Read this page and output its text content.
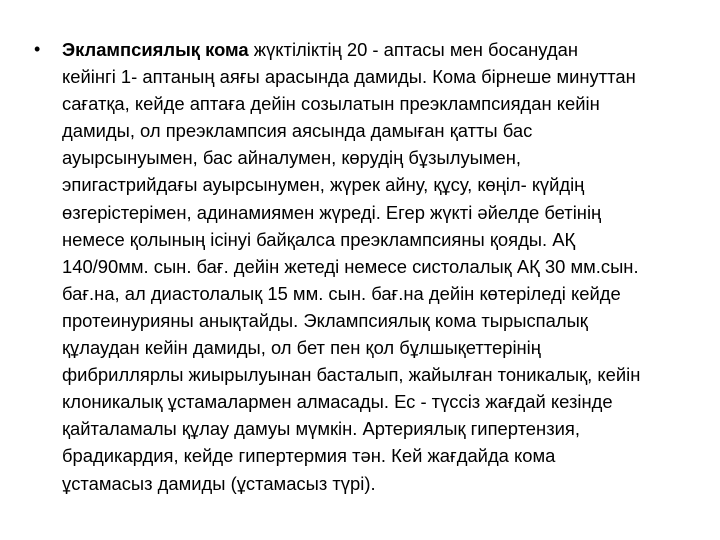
• Эклампсиялық кома жүктіліктің 20 - аптасы мен босанудан
кейінгі 1- аптаның аяғы арасында дамиды. Кома бірнеше минуттан
сағатқа, кейде аптаға дейін созылатын преэклампсиядан кейін
дамиды, ол преэклампсия аясында дамыған қатты бас
ауырсынуымен, бас айналумен, көрудің бұзылуымен,
эпигастрийдағы ауырсынумен, жүрек айну, құсу, көңіл- күйдің
өзгерістерімен, адинамиямен жүреді. Егер жүкті әйелде бетінің
немесе қолының ісінуі байқалса преэклампсияны қояды. АҚ
140/90мм. сын. бағ. дейін жетеді немесе систолалық АҚ 30 мм.сын.
бағ.на, ал диастолалық 15 мм. сын. бағ.на дейін көтеріледі кейде
протеинурияны анықтайды. Эклампсиялық кома тырыспалық
құлаудан кейін дамиды, ол бет пен қол бұлшықеттерінің
фибриллярлы жиырылуынан басталып, жайылған тоникалық, кейін
клоникалық ұстамалармен алмасады. Ес - түссіз жағдай кезінде
қайталамалы құлау дамуы мүмкін. Артериялық гипертензия,
брадикардия, кейде гипертермия тән. Кей жағдайда кома
ұстамасыз дамиды (ұстамасыз түрі).
